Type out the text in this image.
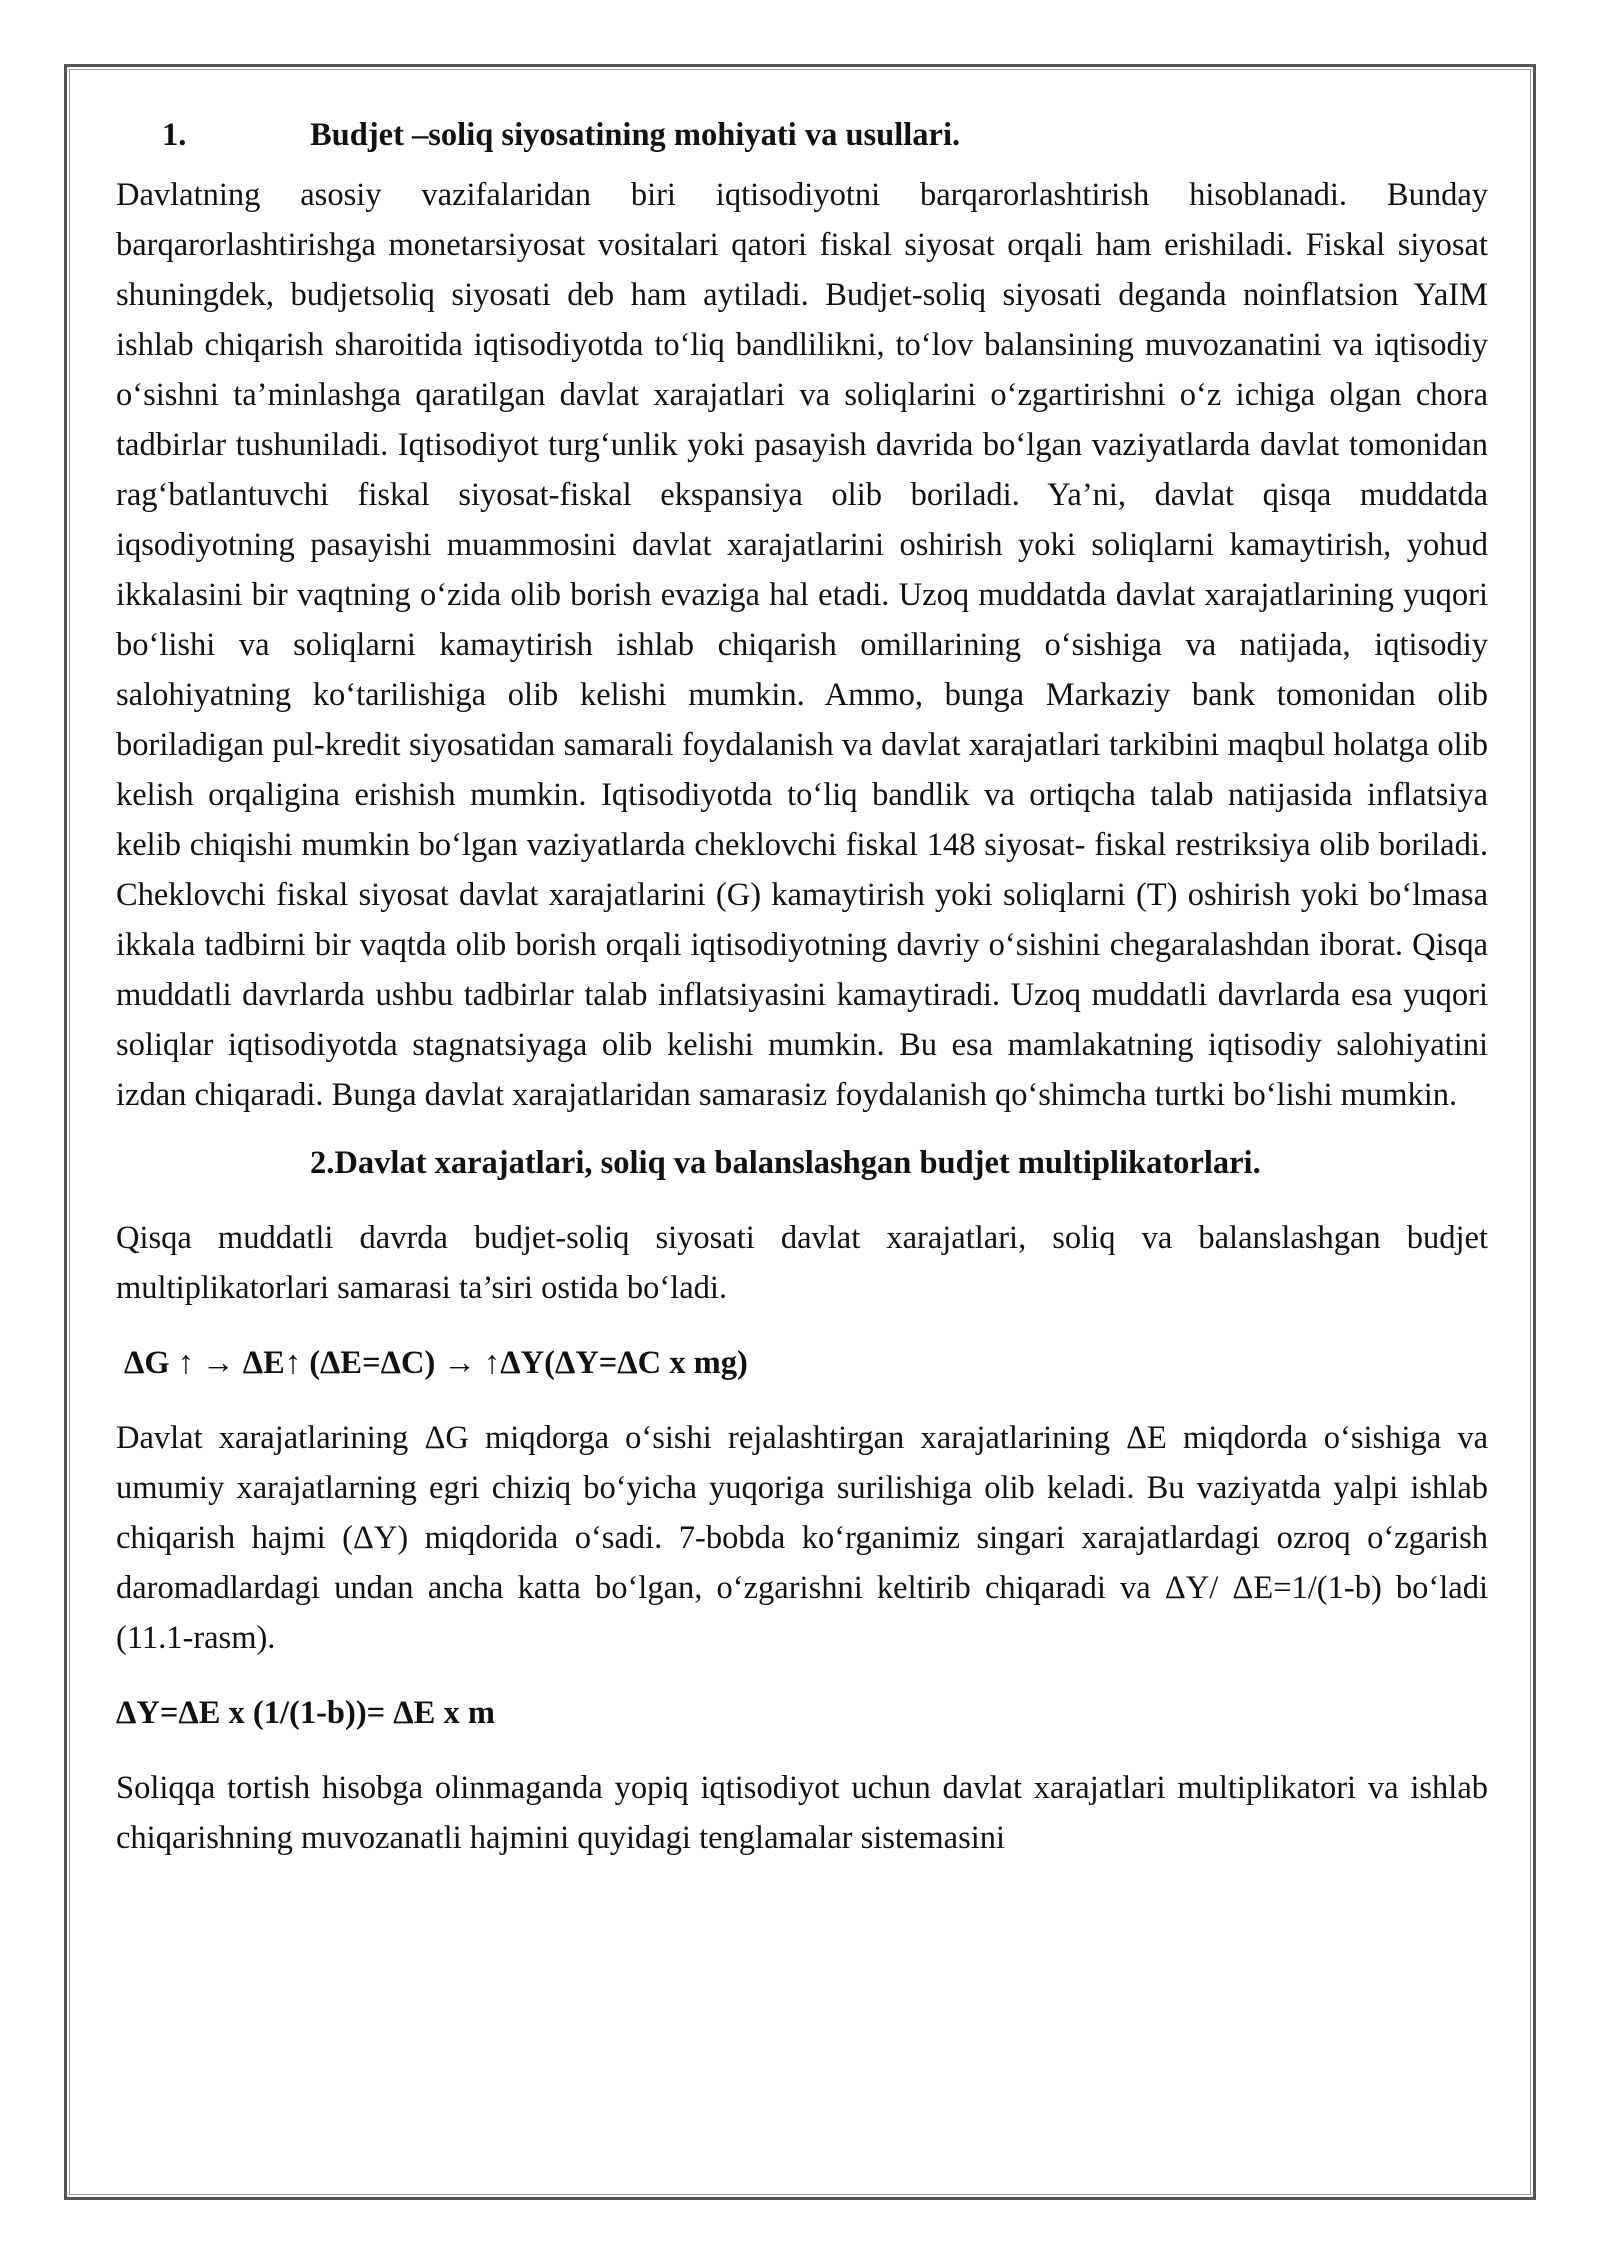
1.	Budjet –soliq siyosatining mohiyati va usullari.

Davlatning asosiy vazifalaridan biri iqtisodiyotni barqarorlashtirish hisoblanadi. Bunday barqarorlashtirishga monetarsiyosat vositalari qatori fiskal siyosat orqali ham erishiladi. Fiskal siyosat shuningdek, budjetsoliq siyosati deb ham aytiladi. Budjet-soliq siyosati deganda noinflatsion YaIM ishlab chiqarish sharoitida iqtisodiyotda to‘liq bandlilikni, to‘lov balansining muvozanatini va iqtisodiy o‘sishni ta’minlashga qaratilgan davlat xarajatlari va soliqlarini o‘zgartirishni o‘z ichiga olgan chora tadbirlar tushuniladi. Iqtisodiyot turg‘unlik yoki pasayish davrida bo‘lgan vaziyatlarda davlat tomonidan rag‘batlantuvchi fiskal siyosat-fiskal ekspansiya olib boriladi. Ya’ni, davlat qisqa muddatda iqsodiyotning pasayishi muammosini davlat xarajatlarini oshirish yoki soliqlarni kamaytirish, yohud ikkalasini bir vaqtning o‘zida olib borish evaziga hal etadi. Uzoq muddatda davlat xarajatlarining yuqori bo‘lishi va soliqlarni kamaytirish ishlab chiqarish omillarining o‘sishiga va natijada, iqtisodiy salohiyatning ko‘tarilishiga olib kelishi mumkin. Ammo, bunga Markaziy bank tomonidan olib boriladigan pul-kredit siyosatidan samarali foydalanish va davlat xarajatlari tarkibini maqbul holatga olib kelish orqaligina erishish mumkin. Iqtisodiyotda to‘liq bandlik va ortiqcha talab natijasida inflatsiya kelib chiqishi mumkin bo‘lgan vaziyatlarda cheklovchi fiskal 148 siyosat- fiskal restriksiya olib boriladi. Cheklovchi fiskal siyosat davlat xarajatlarini (G) kamaytirish yoki soliqlarni (T) oshirish yoki bo‘lmasa ikkala tadbirni bir vaqtda olib borish orqali iqtisodiyotning davriy o‘sishini chegaralashdan iborat. Qisqa muddatli davrlarda ushbu tadbirlar talab inflatsiyasini kamaytiradi. Uzoq muddatli davrlarda esa yuqori soliqlar iqtisodiyotda stagnatsiyaga olib kelishi mumkin. Bu esa mamlakatning iqtisodiy salohiyatini izdan chiqaradi. Bunga davlat xarajatlaridan samarasiz foydalanish qo‘shimcha turtki bo‘lishi mumkin.

2.Davlat xarajatlari, soliq va balanslashgan budjet multiplikatorlari.

Qisqa muddatli davrda budjet-soliq siyosati davlat xarajatlari, soliq va balanslashgan budjet multiplikatorlari samarasi ta’siri ostida bo‘ladi.

ΔG ↑ → ΔE↑ (ΔE=ΔC) → ↑ΔY(ΔY=ΔC x mg)

Davlat xarajatlarining ΔG miqdorga o‘sishi rejalashtirgan xarajatlarining ΔE miqdorda o‘sishiga va umumiy xarajatlarning egri chiziq bo‘yicha yuqoriga surilishiga olib keladi. Bu vaziyatda yalpi ishlab chiqarish hajmi (ΔY) miqdorida o‘sadi. 7-bobda ko‘rganimiz singari xarajatlardagi ozroq o‘zgarish daromadlardagi undan ancha katta bo‘lgan, o‘zgarishni keltirib chiqaradi va ΔY/ ΔE=1/(1-b) bo‘ladi (11.1-rasm).

ΔY=ΔE x (1/(1-b))= ΔE x m

Soliqqa tortish hisobga olinmaganda yopiq iqtisodiyot uchun davlat xarajatlari multiplikatori va ishlab chiqarishning muvozanatli hajmini quyidagi tenglamalar sistemasini
